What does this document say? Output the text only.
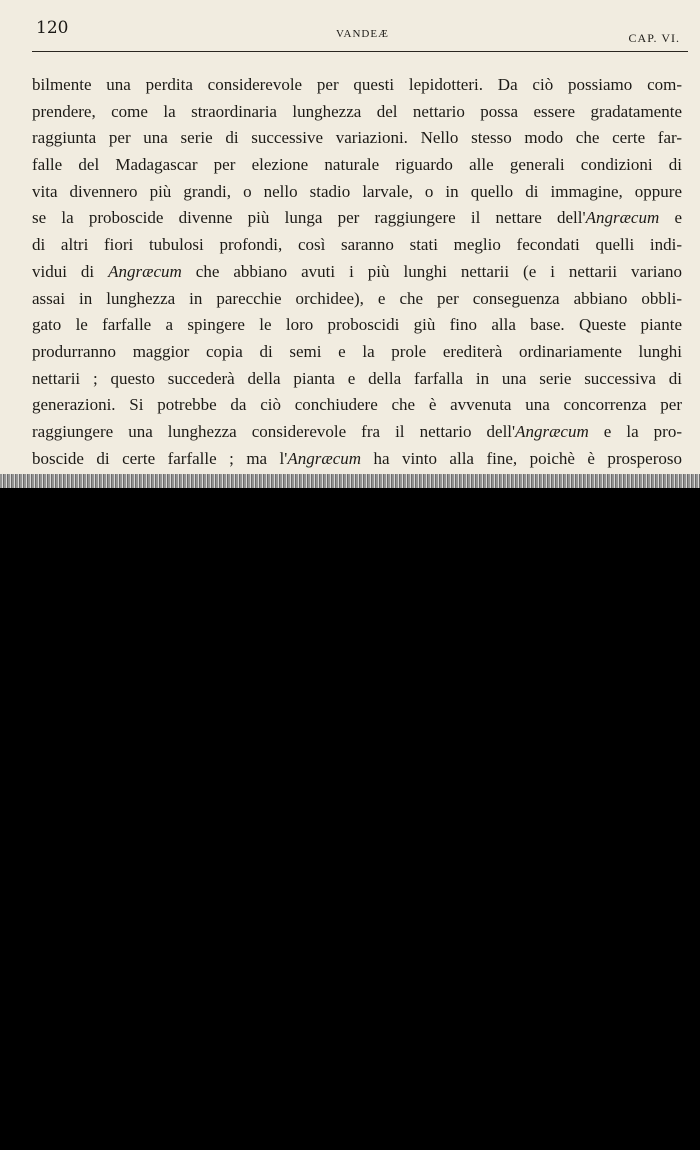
120	VANDEÆ	CAP. VI.
bilmente una perdita considerevole per questi lepidotteri. Da ciò possiamo com-
prendere, come la straordinaria lunghezza del nettario possa essere gradatamente
raggiunta per una serie di successive variazioni. Nello stesso modo che certe far-
falle del Madagascar per elezione naturale riguardo alle generali condizioni di
vita divennero più grandi, o nello stadio larvale, o in quello di immagine, oppure
se la proboscide divenne più lunga per raggiungere il nettare dell'Angræcum e
di altri fiori tubulosi profondi, così saranno stati meglio fecondati quelli indi-
vidui di Angræcum che abbiano avuti i più lunghi nettarii (e i nettarii variano
assai in lunghezza in parecchie orchidee), e che per conseguenza abbiano obbli-
gato le farfalle a spingere le loro proboscidi giù fino alla base. Queste piante
produrranno maggior copia di semi e la prole erediterà ordinariamente lunghi
nettarii ; questo succederà della pianta e della farfalla in una serie successiva di
generazioni. Si potrebbe da ciò conchiudere che è avvenuta una concorrenza per
raggiungere una lunghezza considerevole fra il nettario dell'Angræcum e la pro-
boscide di certe farfalle ; ma l'Angræcum ha vinto alla fine, poichè è prosperoso
